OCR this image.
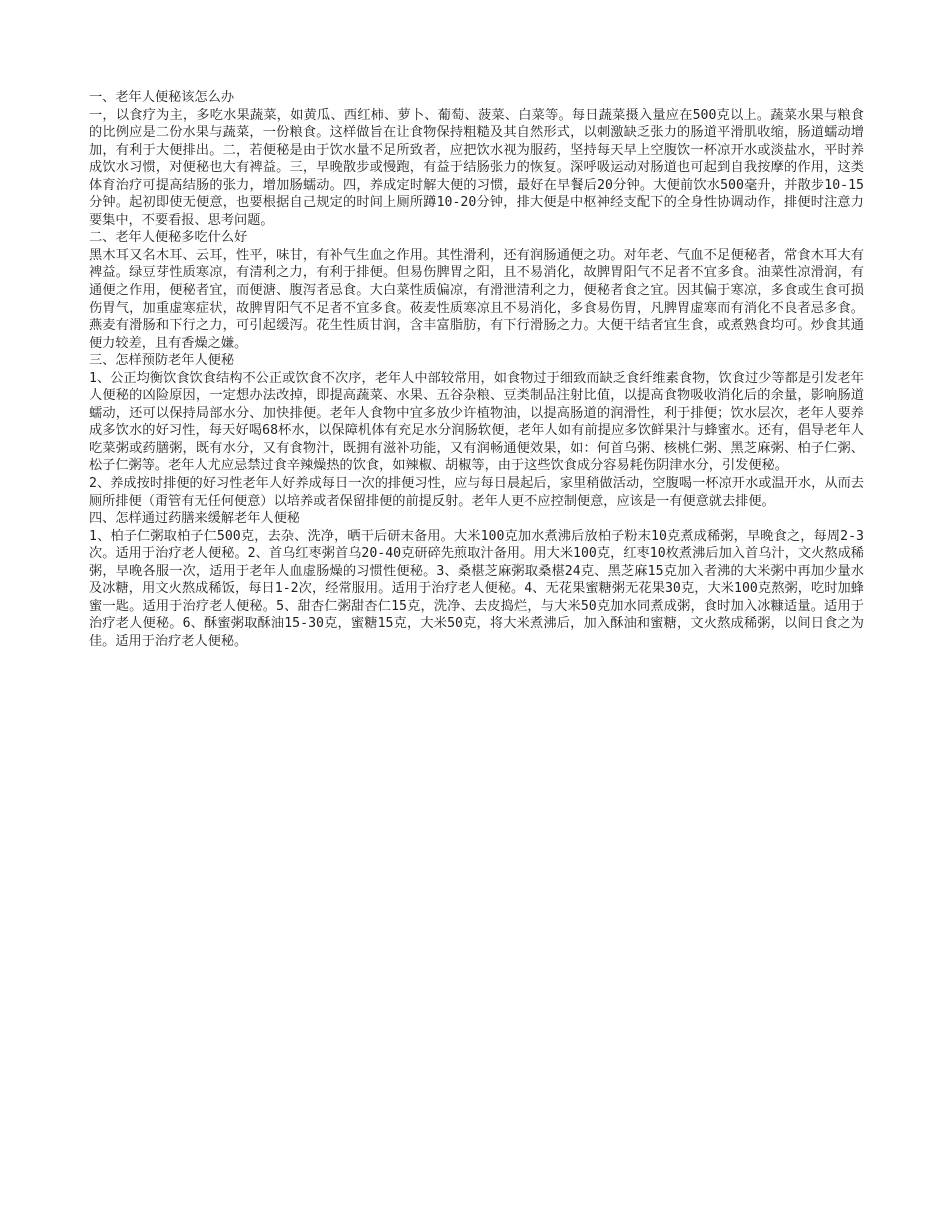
一、老年人便秘该怎么办

一，以食疗为主，多吃水果蔬菜，如黄瓜、西红柿、萝卜、葡萄、菠菜、白菜等。每日蔬菜摄入量应在500克以上。蔬菜水果与粮食的比例应是二份水果与蔬菜，一份粮食。这样做旨在让食物保持粗糙及其自然形式，以刺激缺乏张力的肠道平滑肌收缩，肠道蠕动增加，有利于大便排出。二，若便秘是由于饮水量不足所致者，应把饮水视为服药，坚持每天早上空腹饮一杯凉开水或淡盐水，平时养成饮水习惯，对便秘也大有裨益。三，早晚散步或慢跑，有益于结肠张力的恢复。深呼吸运动对肠道也可起到自我按摩的作用，这类体育治疗可提高结肠的张力，增加肠蠕动。四，养成定时解大便的习惯，最好在早餐后20分钟。大便前饮水500毫升，并散步10-15分钟。起初即使无便意，也要根据自己规定的时间上厕所蹲10-20分钟，排大便是中枢神经支配下的全身性协调动作，排便时注意力要集中，不要看报、思考问题。

二、老年人便秘多吃什么好

黑木耳又名木耳、云耳，性平，味甘，有补气生血之作用。其性滑利，还有润肠通便之功。对年老、气血不足便秘者，常食木耳大有裨益。绿豆芽性质寒凉，有清利之力，有利于排便。但易伤脾胃之阳，且不易消化，故脾胃阳气不足者不宜多食。油菜性凉滑润，有通便之作用，便秘者宜，而便溏、腹泻者忌食。大白菜性质偏凉，有滑泄清利之力，便秘者食之宜。因其偏于寒凉，多食或生食可损伤胃气，加重虚寒症状，故脾胃阳气不足者不宜多食。莜麦性质寒凉且不易消化，多食易伤胃，凡脾胃虚寒而有消化不良者忌多食。燕麦有滑肠和下行之力，可引起缓泻。花生性质甘润，含丰富脂肪，有下行滑肠之力。大便干结者宜生食，或煮熟食均可。炒食其通便力较差，且有香燥之嫌。

三、怎样预防老年人便秘

1、公正均衡饮食饮食结构不公正或饮食不次序，老年人中部较常用，如食物过于细致而缺乏食纤维素食物，饮食过少等都是引发老年人便秘的凶险原因，一定想办法改掉，即提高蔬菜、水果、五谷杂粮、豆类制品注射比值，以提高食物吸收消化后的余量，影响肠道蠕动，还可以保持局部水分、加快排便。老年人食物中宜多放少许植物油，以提高肠道的润滑性，利于排便；饮水层次，老年人要养成多饮水的好习性，每天好喝68杯水，以保障机体有充足水分润肠软便，老年人如有前提应多饮鲜果汁与蜂蜜水。还有，倡导老年人吃菜粥或药膳粥，既有水分，又有食物汁，既拥有滋补功能，又有润畅通便效果，如：何首乌粥、核桃仁粥、黑芝麻粥、柏子仁粥、松子仁粥等。老年人尤应忌禁过食辛辣燥热的饮食，如辣椒、胡椒等，由于这些饮食成分容易耗伤阴津水分，引发便秘。

2、养成按时排便的好习性老年人好养成每日一次的排便习性，应与每日晨起后，家里稍做活动，空腹喝一杯凉开水或温开水，从而去厕所排便（甭管有无任何便意）以培养或者保留排便的前提反射。老年人更不应控制便意，应该是一有便意就去排便。

四、怎样通过药膳来缓解老年人便秘

1、柏子仁粥取柏子仁500克，去杂、洗净，晒干后研末备用。大米100克加水煮沸后放柏子粉末10克煮成稀粥，早晚食之，每周2-3次。适用于治疗老人便秘。2、首乌红枣粥首乌20-40克研碎先煎取汁备用。用大米100克，红枣10枚煮沸后加入首乌汁，文火熬成稀粥，早晚各服一次，适用于老年人血虚肠燥的习惯性便秘。3、桑椹芝麻粥取桑椹24克、黑芝麻15克加入者沸的大米粥中再加少量水及冰糖，用文火熬成稀饭，每日1-2次，经常服用。适用于治疗老人便秘。4、无花果蜜糖粥无花果30克，大米100克熬粥，吃时加蜂蜜一匙。适用于治疗老人便秘。5、甜杏仁粥甜杏仁15克，洗净、去皮捣烂，与大米50克加水同煮成粥，食时加入冰糠适量。适用于治疗老人便秘。6、酥蜜粥取酥油15-30克，蜜糖15克，大米50克，将大米煮沸后，加入酥油和蜜糖，文火熬成稀粥，以间日食之为佳。适用于治疗老人便秘。
